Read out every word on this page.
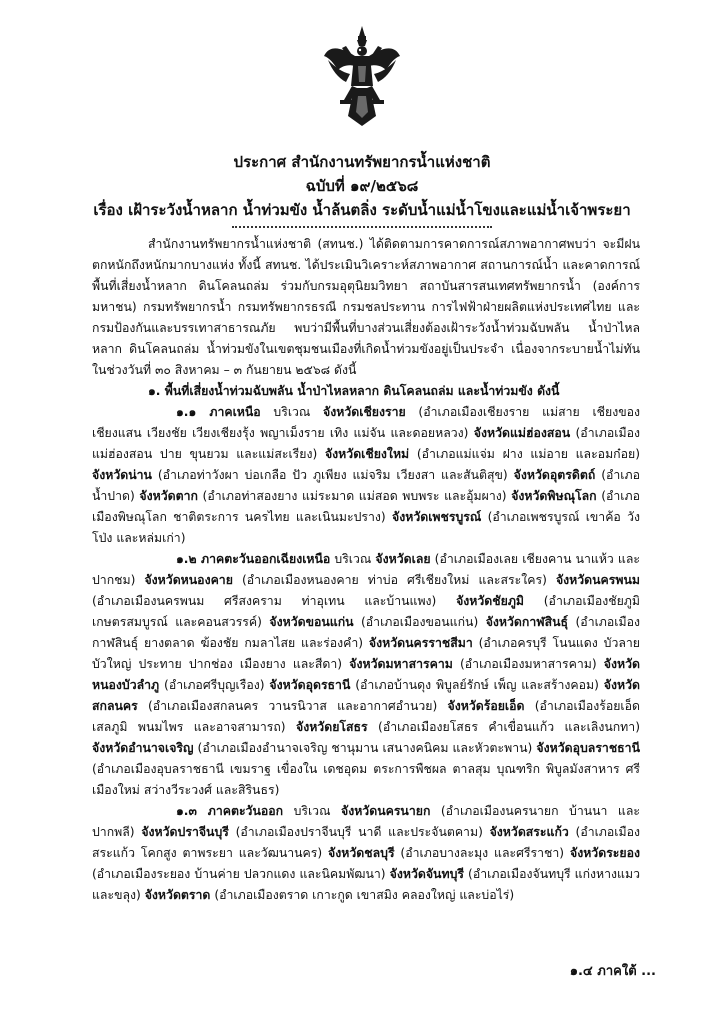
ประกาศ สำนักงานทรัพยากรน้ำแห่งชาติ
ฉบับที่ ๑๙/๒๕๖๘
เรื่อง เฝ้าระวังน้ำหลาก น้ำท่วมขัง น้ำล้นตลิ่ง ระดับน้ำแม่น้ำโขงและแม่น้ำเจ้าพระยา

สำนักงานทรัพยากรน้ำแห่งชาติ (สทนช.) ได้ติดตามการคาดการณ์สภาพอากาศพบว่า จะมีฝนตกหนักถึงหนักมากบางแห่ง ทั้งนี้ สทนช. ได้ประเมินวิเคราะห์สภาพอากาศ สถานการณ์น้ำ และคาดการณ์พื้นที่เสี่ยงน้ำหลาก ดินโคลนถล่ม ร่วมกับกรมอุตุนิยมวิทยา สถาบันสารสนเทศทรัพยากรน้ำ (องค์การมหาชน) กรมทรัพยากรน้ำ กรมทรัพยากรธรณี กรมชลประทาน การไฟฟ้าฝ่ายผลิตแห่งประเทศไทย และกรมป้องกันและบรรเทาสาธารณภัย พบว่ามีพื้นที่บางส่วนเสี่ยงต้องเฝ้าระวังน้ำท่วมฉับพลัน น้ำป่าไหลหลาก ดินโคลนถล่ม น้ำท่วมขังในเขตชุมชนเมืองที่เกิดน้ำท่วมขังอยู่เป็นประจำ เนื่องจากระบายน้ำไม่ทัน ในช่วงวันที่ ๓๐ สิงหาคม – ๓ กันยายน ๒๕๖๘ ดังนี้

๑. พื้นที่เสี่ยงน้ำท่วมฉับพลัน น้ำป่าไหลหลาก ดินโคลนถล่ม และน้ำท่วมขัง ดังนี้

๑.๑ ภาคเหนือ บริเวณ จังหวัดเชียงราย (อำเภอเมืองเชียงราย แม่สาย เชียงของ เชียงแสน เวียงชัย เวียงเชียงรุ้ง พญาเม็งราย เทิง แม่จัน และดอยหลวง) จังหวัดแม่ฮ่องสอน (อำเภอเมืองแม่ฮ่องสอน ปาย ขุนยวม และแม่สะเรียง) จังหวัดเชียงใหม่ (อำเภอแม่แจ่ม ฝาง แม่อาย และอมก๋อย) จังหวัดน่าน (อำเภอท่าวังผา บ่อเกลือ ปัว ภูเพียง แม่จริม เวียงสา และสันติสุข) จังหวัดอุตรดิตถ์ (อำเภอน้ำปาด) จังหวัดตาก (อำเภอท่าสองยาง แม่ระมาด แม่สอด พบพระ และอุ้มผาง) จังหวัดพิษณุโลก (อำเภอเมืองพิษณุโลก ชาติตระการ นครไทย และเนินมะปราง) จังหวัดเพชรบูรณ์ (อำเภอเพชรบูรณ์ เขาค้อ วังโป่ง และหล่มเก่า)

๑.๒ ภาคตะวันออกเฉียงเหนือ บริเวณ จังหวัดเลย (อำเภอเมืองเลย เชียงคาน นาแห้ว และปากชม) จังหวัดหนองคาย (อำเภอเมืองหนองคาย ท่าบ่อ ศรีเชียงใหม่ และสระใคร) จังหวัดนครพนม (อำเภอเมืองนครพนม ศรีสงคราม ท่าอุเทน และบ้านแพง) จังหวัดชัยภูมิ (อำเภอเมืองชัยภูมิ เกษตรสมบูรณ์ และคอนสวรรค์) จังหวัดขอนแก่น (อำเภอเมืองขอนแก่น) จังหวัดกาฬสินธุ์ (อำเภอเมืองกาฬสินธุ์ ยางตลาด ฆ้องชัย กมลาไสย และร่องคำ) จังหวัดนครราชสีมา (อำเภอครบุรี โนนแดง บัวลาย บัวใหญ่ ประทาย ปากช่อง เมืองยาง และสีดา) จังหวัดมหาสารคาม (อำเภอเมืองมหาสารคาม) จังหวัดหนองบัวลำภู (อำเภอศรีบุญเรือง) จังหวัดอุดรธานี (อำเภอบ้านดุง พิบูลย์รักษ์ เพ็ญ และสร้างคอม) จังหวัดสกลนคร (อำเภอเมืองสกลนคร วานรนิวาส และอากาศอำนวย) จังหวัดร้อยเอ็ด (อำเภอเมืองร้อยเอ็ด เสลภูมิ พนมไพร และอาจสามารถ) จังหวัดยโสธร (อำเภอเมืองยโสธร คำเขื่อนแก้ว และเลิงนกทา) จังหวัดอำนาจเจริญ (อำเภอเมืองอำนาจเจริญ ชานุมาน เสนางคนิคม และหัวตะพาน) จังหวัดอุบลราชธานี (อำเภอเมืองอุบลราชธานี เขมราฐ เขื่องใน เดชอุดม ตระการพืชผล ตาลสุม บุณฑริก พิบูลมังสาหาร ศรีเมืองใหม่ สว่างวีระวงศ์ และสิรินธร)

๑.๓ ภาคตะวันออก บริเวณ จังหวัดนครนายก (อำเภอเมืองนครนายก บ้านนา และปากพลี) จังหวัดปราจีนบุรี (อำเภอเมืองปราจีนบุรี นาดี และประจันตคาม) จังหวัดสระแก้ว (อำเภอเมืองสระแก้ว โคกสูง ตาพระยา และวัฒนานคร) จังหวัดชลบุรี (อำเภอบางละมุง และศรีราชา) จังหวัดระยอง (อำเภอเมืองระยอง บ้านค่าย ปลวกแดง และนิคมพัฒนา) จังหวัดจันทบุรี (อำเภอเมืองจันทบุรี แก่งหางแมว และขลุง) จังหวัดตราด (อำเภอเมืองตราด เกาะกูด เขาสมิง คลองใหญ่ และบ่อไร่)

๑.๔ ภาคใต้ ...
